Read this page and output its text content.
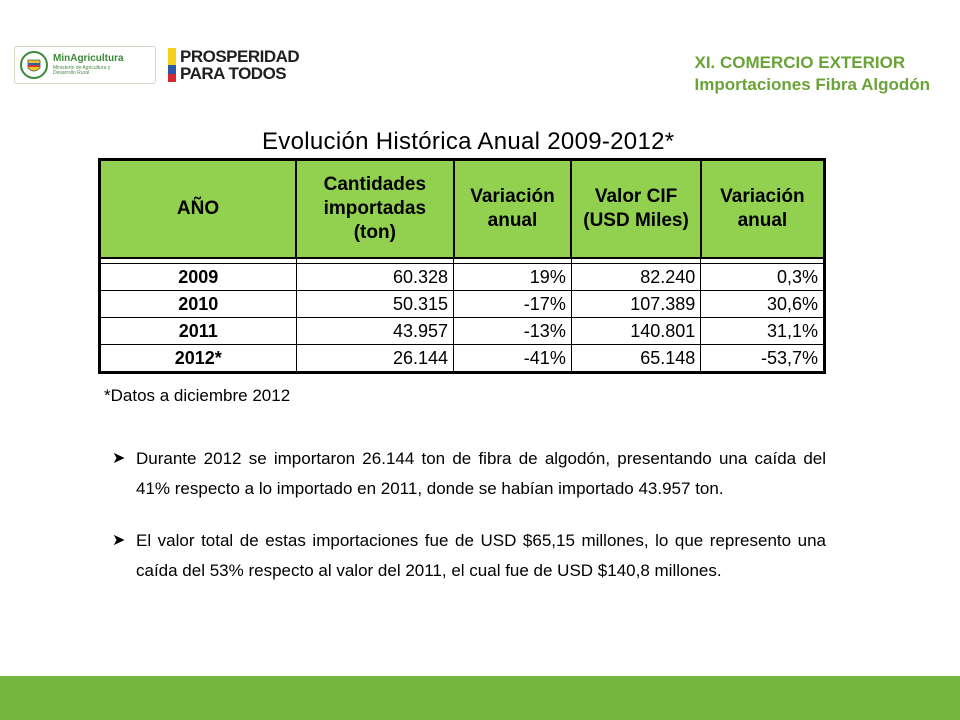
MinAgricultura
Ministerio de Agricultura y Desarrollo Rural
PROSPERIDAD
PARA TODOS
XI. COMERCIO EXTERIOR
Importaciones Fibra Algodón
Evolución Histórica Anual 2009-2012*
AÑO	Cantidades importadas (ton)	Variación anual	Valor CIF (USD Miles)	Variación anual

2009	60.328	19%	82.240	0,3%
2010	50.315	-17%	107.389	30,6%
2011	43.957	-13%	140.801	31,1%
2012*	26.144	-41%	65.148	-53,7%
*Datos a diciembre 2012
➤ Durante 2012 se importaron 26.144 ton de fibra de algodón, presentando una caída del 41% respecto a lo importado en 2011, donde se habían importado 43.957 ton.
➤ El valor total de estas importaciones fue de USD $65,15 millones, lo que represento una caída del 53% respecto al valor del 2011, el cual fue de USD $140,8 millones.
